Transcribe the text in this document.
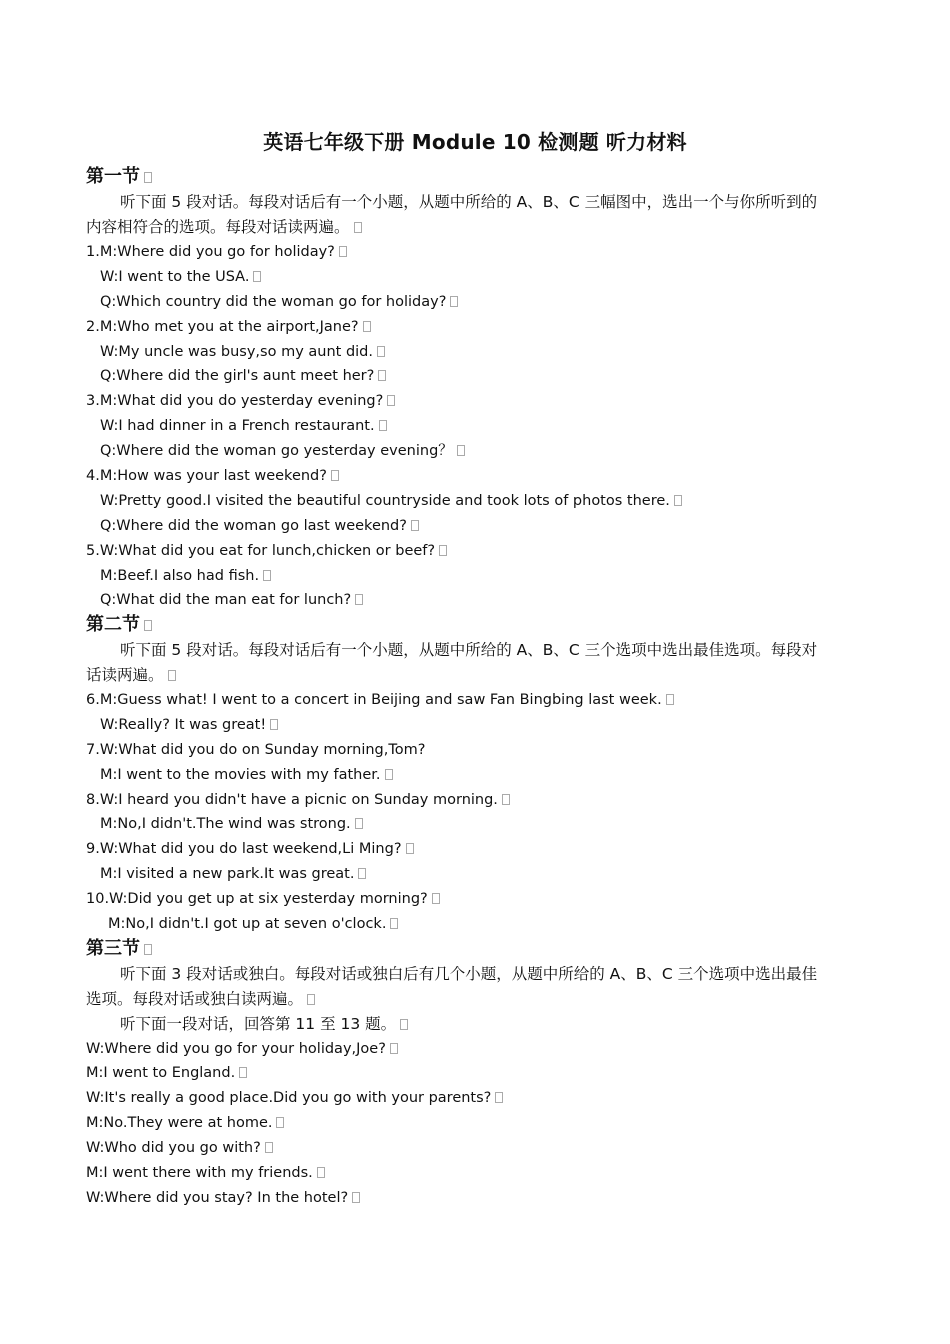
英语七年级下册 Module 10 检测题 听力材料
第一节
听下面 5 段对话。每段对话后有一个小题，从题中所给的 A、B、C 三幅图中，选出一个与你所听到的
内容相符合的选项。每段对话读两遍。
1.M:Where did you go for holiday?
W:I went to the USA.
Q:Which country did the woman go for holiday?
2.M:Who met you at the airport,Jane?
W:My uncle was busy,so my aunt did.
Q:Where did the girl's aunt meet her?
3.M:What did you do yesterday evening?
W:I had dinner in a French restaurant.
Q:Where did the woman go yesterday evening？
4.M:How was your last weekend?
W:Pretty good.I visited the beautiful countryside and took lots of photos there.
Q:Where did the woman go last weekend?
5.W:What did you eat for lunch,chicken or beef?
M:Beef.I also had fish.
Q:What did the man eat for lunch?
第二节
听下面 5 段对话。每段对话后有一个小题，从题中所给的 A、B、C 三个选项中选出最佳选项。每段对
话读两遍。
6.M:Guess what! I went to a concert in Beijing and saw Fan Bingbing last week.
W:Really? It was great!
7.W:What did you do on Sunday morning,Tom?
M:I went to the movies with my father.
8.W:I heard you didn't have a picnic on Sunday morning.
M:No,I didn't.The wind was strong.
9.W:What did you do last weekend,Li Ming?
M:I visited a new park.It was great.
10.W:Did you get up at six yesterday morning?
M:No,I didn't.I got up at seven o'clock.
第三节
听下面 3 段对话或独白。每段对话或独白后有几个小题，从题中所给的 A、B、C 三个选项中选出最佳
选项。每段对话或独白读两遍。
听下面一段对话，回答第 11 至 13 题。
W:Where did you go for your holiday,Joe?
M:I went to England.
W:It's really a good place.Did you go with your parents?
M:No.They were at home.
W:Who did you go with?
M:I went there with my friends.
W:Where did you stay? In the hotel?
